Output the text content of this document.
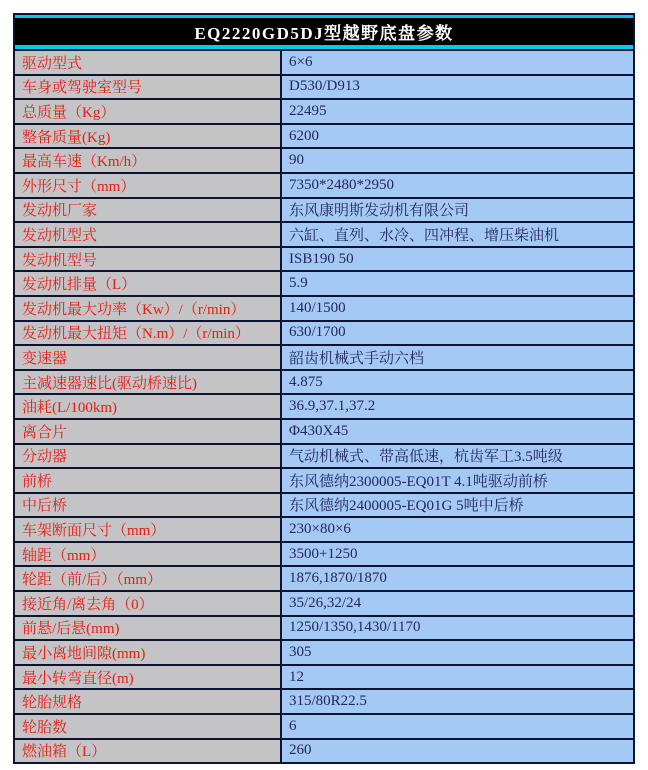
EQ2220GD5DJ型越野底盘参数
驱动型式	6×6
车身或驾驶室型号	D530/D913
总质量（Kg）	22495
整备质量(Kg)	6200
最高车速（Km/h）	90
外形尺寸（mm）	7350*2480*2950
发动机厂家	东风康明斯发动机有限公司
发动机型式	六缸、直列、水冷、四冲程、增压柴油机
发动机型号	ISB190 50
发动机排量（L）	5.9
发动机最大功率（Kw）/（r/min）	140/1500
发动机最大扭矩（N.m）/（r/min）	630/1700
变速器	韶齿机械式手动六档
主减速器速比(驱动桥速比)	4.875
油耗(L/100km)	36.9,37.1,37.2
离合片	Φ430X45
分动器	气动机械式、带高低速，杭齿军工3.5吨级
前桥	东风德纳2300005-EQ01T 4.1吨驱动前桥
中后桥	东风德纳2400005-EQ01G 5吨中后桥
车架断面尺寸（mm）	230×80×6
轴距（mm）	3500+1250
轮距（前/后）（mm）	1876,1870/1870
接近角/离去角（0）	35/26,32/24
前悬/后悬(mm)	1250/1350,1430/1170
最小离地间隙(mm)	305
最小转弯直径(m)	12
轮胎规格	315/80R22.5
轮胎数	6
燃油箱（L）	260
